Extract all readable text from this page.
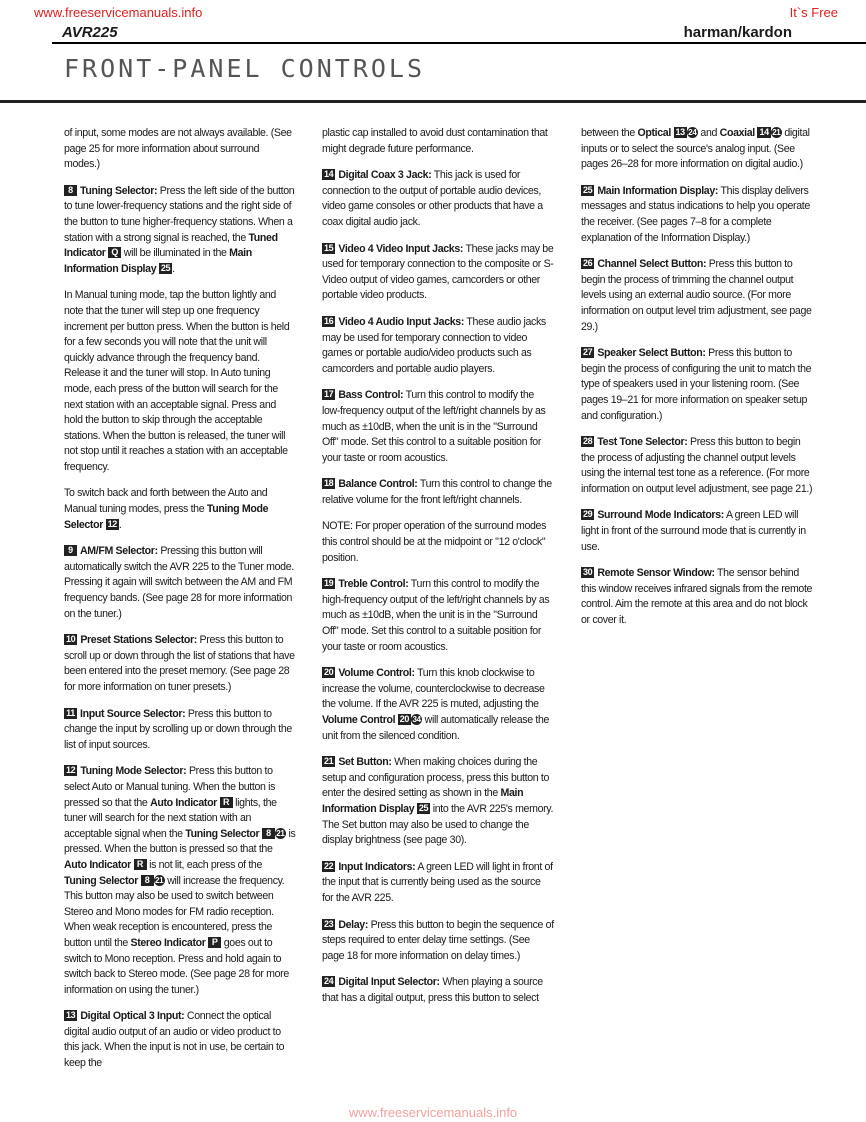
www.freeservicemanuals.info	It`s Free
AVR225	harman/kardon
FRONT-PANEL CONTROLS

of input, some modes are not always available. (See page 25 for more information about surround modes.)

8 Tuning Selector: Press the left side of the button to tune lower-frequency stations and the right side of the button to tune higher-frequency stations. When a station with a strong signal is reached, the Tuned Indicator Q will be illuminated in the Main Information Display 25 .

In Manual tuning mode, tap the button lightly and note that the tuner will step up one frequency increment per button press. When the button is held for a few seconds you will note that the unit will quickly advance through the frequency band. Release it and the tuner will stop. In Auto tuning mode, each press of the button will search for the next station with an acceptable signal. Press and hold the button to skip through the acceptable stations. When the button is released, the tuner will not stop until it reaches a station with an acceptable frequency.

To switch back and forth between the Auto and Manual tuning modes, press the Tuning Mode Selector 12 .

9 AM/FM Selector: Pressing this button will automatically switch the AVR 225 to the Tuner mode. Pressing it again will switch between the AM and FM frequency bands. (See page 28 for more information on the tuner.)

10 Preset Stations Selector: Press this button to scroll up or down through the list of stations that have been entered into the preset memory. (See page 28 for more information on tuner presets.)

11 Input Source Selector: Press this button to change the input by scrolling up or down through the list of input sources.

12 Tuning Mode Selector: Press this button to select Auto or Manual tuning. When the button is pressed so that the Auto Indicator R lights, the tuner will search for the next station with an acceptable signal when the Tuning Selector 8 21 is pressed. When the button is pressed so that the Auto Indicator R is not lit, each press of the Tuning Selector 8 21 will increase the frequency. This button may also be used to switch between Stereo and Mono modes for FM radio reception. When weak reception is encountered, press the button until the Stereo Indicator P goes out to switch to Mono reception. Press and hold again to switch back to Stereo mode. (See page 28 for more information on using the tuner.)

13 Digital Optical 3 Input: Connect the optical digital audio output of an audio or video product to this jack. When the input is not in use, be certain to keep the

plastic cap installed to avoid dust contamination that might degrade future performance.

14 Digital Coax 3 Jack: This jack is used for connection to the output of portable audio devices, video game consoles or other products that have a coax digital audio jack.

15 Video 4 Video Input Jacks: These jacks may be used for temporary connection to the composite or S-Video output of video games, camcorders or other portable video products.

16 Video 4 Audio Input Jacks: These audio jacks may be used for temporary connection to video games or portable audio/video products such as camcorders and portable audio players.

17 Bass Control: Turn this control to modify the low-frequency output of the left/right channels by as much as ±10dB, when the unit is in the "Surround Off" mode. Set this control to a suitable position for your taste or room acoustics.

18 Balance Control: Turn this control to change the relative volume for the front left/right channels.

NOTE: For proper operation of the surround modes this control should be at the midpoint or "12 o'clock" position.

19 Treble Control: Turn this control to modify the high-frequency output of the left/right channels by as much as ±10dB, when the unit is in the "Surround Off" mode. Set this control to a suitable position for your taste or room acoustics.

20 Volume Control: Turn this knob clockwise to increase the volume, counterclockwise to decrease the volume. If the AVR 225 is muted, adjusting the Volume Control 20 34 will automatically release the unit from the silenced condition.

21 Set Button: When making choices during the setup and configuration process, press this button to enter the desired setting as shown in the Main Information Display 25 into the AVR 225's memory. The Set button may also be used to change the display brightness (see page 30).

22 Input Indicators: A green LED will light in front of the input that is currently being used as the source for the AVR 225.

23 Delay: Press this button to begin the sequence of steps required to enter delay time settings. (See page 18 for more information on delay times.)

24 Digital Input Selector: When playing a source that has a digital output, press this button to select

between the Optical 13 24 and Coaxial 14 21 digital inputs or to select the source's analog input. (See pages 26–28 for more information on digital audio.)

25 Main Information Display: This display delivers messages and status indications to help you operate the receiver. (See pages 7–8 for a complete explanation of the Information Display.)

26 Channel Select Button: Press this button to begin the process of trimming the channel output levels using an external audio source. (For more information on output level trim adjustment, see page 29.)

27 Speaker Select Button: Press this button to begin the process of configuring the unit to match the type of speakers used in your listening room. (See pages 19–21 for more information on speaker setup and configuration.)

28 Test Tone Selector: Press this button to begin the process of adjusting the channel output levels using the internal test tone as a reference. (For more information on output level adjustment, see page 21.)

29 Surround Mode Indicators: A green LED will light in front of the surround mode that is currently in use.

30 Remote Sensor Window: The sensor behind this window receives infrared signals from the remote control. Aim the remote at this area and do not block or cover it.

www.freeservicemanuals.info
